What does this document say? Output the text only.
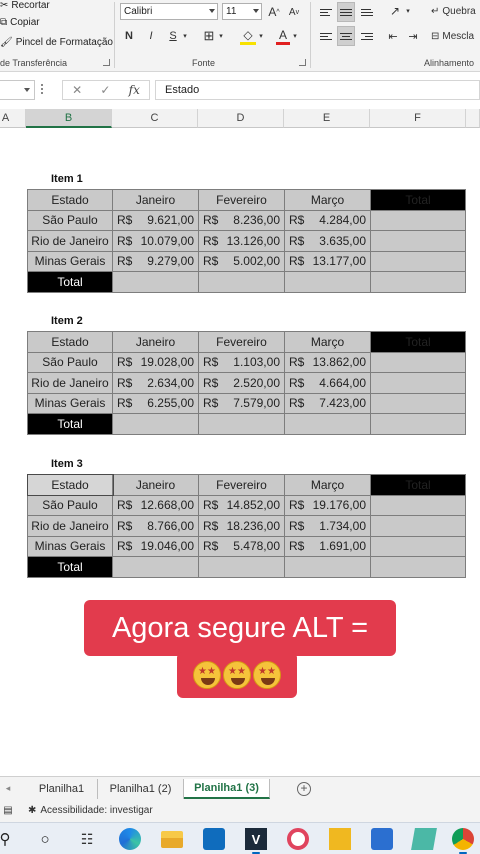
✂ Recortar
⧉ Copiar
🖌 Pincel de Formatação
de Transferência
Calibri	11	A ^ A v
N I S ▾ ⊞ ▾ ◇ ▾ A ▾
Fonte
↗ ▾ ↵ Quebra
⇤ ⇥	⊟ Mescla
Alinhamento
✕ ✓ fx	Estado
A	B	C	D	E	F
Item 1
Estado	Janeiro	Fevereiro	Março	Total
São Paulo	R$ 9.621,00	R$ 8.236,00	R$ 4.284,00	

Rio de Janeiro	R$ 10.079,00	R$ 13.126,00	R$ 3.635,00	

Minas Gerais	R$ 9.279,00	R$ 5.002,00	R$ 13.177,00	

Total				
Item 2
Estado	Janeiro	Fevereiro	Março	Total
São Paulo	R$ 19.028,00	R$ 1.103,00	R$ 13.862,00	

Rio de Janeiro	R$ 2.634,00	R$ 2.520,00	R$ 4.664,00	

Minas Gerais	R$ 6.255,00	R$ 7.579,00	R$ 7.423,00	

Total				
Item 3
Estado	Janeiro	Fevereiro	Março	Total
São Paulo	R$ 12.668,00	R$ 14.852,00	R$ 19.176,00	

Rio de Janeiro	R$ 8.766,00	R$ 18.236,00	R$ 1.734,00	

Minas Gerais	R$ 19.046,00	R$ 5.478,00	R$ 1.691,00	

Total				
Agora segure ALT =
★
★
★
★
★
★
◂	Planilha1	Planilha1 (2)	Planilha1 (3)	+
▤ ✱ Acessibilidade: investigar
⚲	○	☷	V
